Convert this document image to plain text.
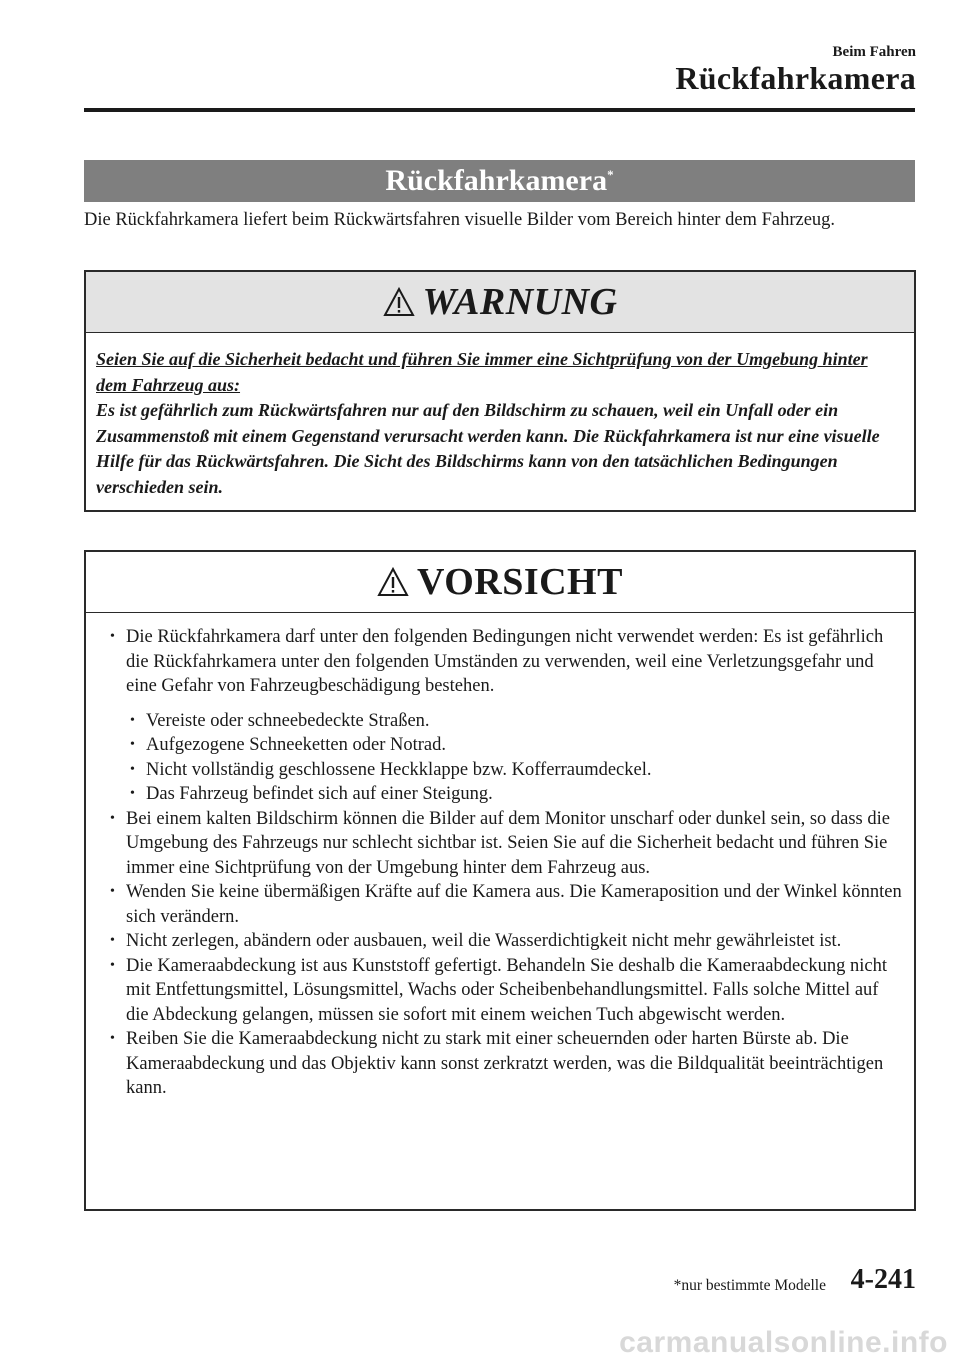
Beim Fahren
Rückfahrkamera
Rückfahrkamera*
Die Rückfahrkamera liefert beim Rückwärtsfahren visuelle Bilder vom Bereich hinter dem Fahrzeug.
WARNUNG
Seien Sie auf die Sicherheit bedacht und führen Sie immer eine Sichtprüfung von der Umgebung hinter dem Fahrzeug aus:
Es ist gefährlich zum Rückwärtsfahren nur auf den Bildschirm zu schauen, weil ein Unfall oder ein Zusammenstoß mit einem Gegenstand verursacht werden kann. Die Rückfahrkamera ist nur eine visuelle Hilfe für das Rückwärtsfahren. Die Sicht des Bildschirms kann von den tatsächlichen Bedingungen verschieden sein.
VORSICHT
• Die Rückfahrkamera darf unter den folgenden Bedingungen nicht verwendet werden: Es ist gefährlich die Rückfahrkamera unter den folgenden Umständen zu verwenden, weil eine Verletzungsgefahr und eine Gefahr von Fahrzeugbeschädigung bestehen.
• Vereiste oder schneebedeckte Straßen.
• Aufgezogene Schneeketten oder Notrad.
• Nicht vollständig geschlossene Heckklappe bzw. Kofferraumdeckel.
• Das Fahrzeug befindet sich auf einer Steigung.
• Bei einem kalten Bildschirm können die Bilder auf dem Monitor unscharf oder dunkel sein, so dass die Umgebung des Fahrzeugs nur schlecht sichtbar ist. Seien Sie auf die Sicherheit bedacht und führen Sie immer eine Sichtprüfung von der Umgebung hinter dem Fahrzeug aus.
• Wenden Sie keine übermäßigen Kräfte auf die Kamera aus. Die Kameraposition und der Winkel könnten sich verändern.
• Nicht zerlegen, abändern oder ausbauen, weil die Wasserdichtigkeit nicht mehr gewährleistet ist.
• Die Kameraabdeckung ist aus Kunststoff gefertigt. Behandeln Sie deshalb die Kameraabdeckung nicht mit Entfettungsmittel, Lösungsmittel, Wachs oder Scheibenbehandlungsmittel. Falls solche Mittel auf die Abdeckung gelangen, müssen sie sofort mit einem weichen Tuch abgewischt werden.
• Reiben Sie die Kameraabdeckung nicht zu stark mit einer scheuernden oder harten Bürste ab. Die Kameraabdeckung und das Objektiv kann sonst zerkratzt werden, was die Bildqualität beeinträchtigen kann.
*nur bestimmte Modelle 4-241
carmanualsonline.info
